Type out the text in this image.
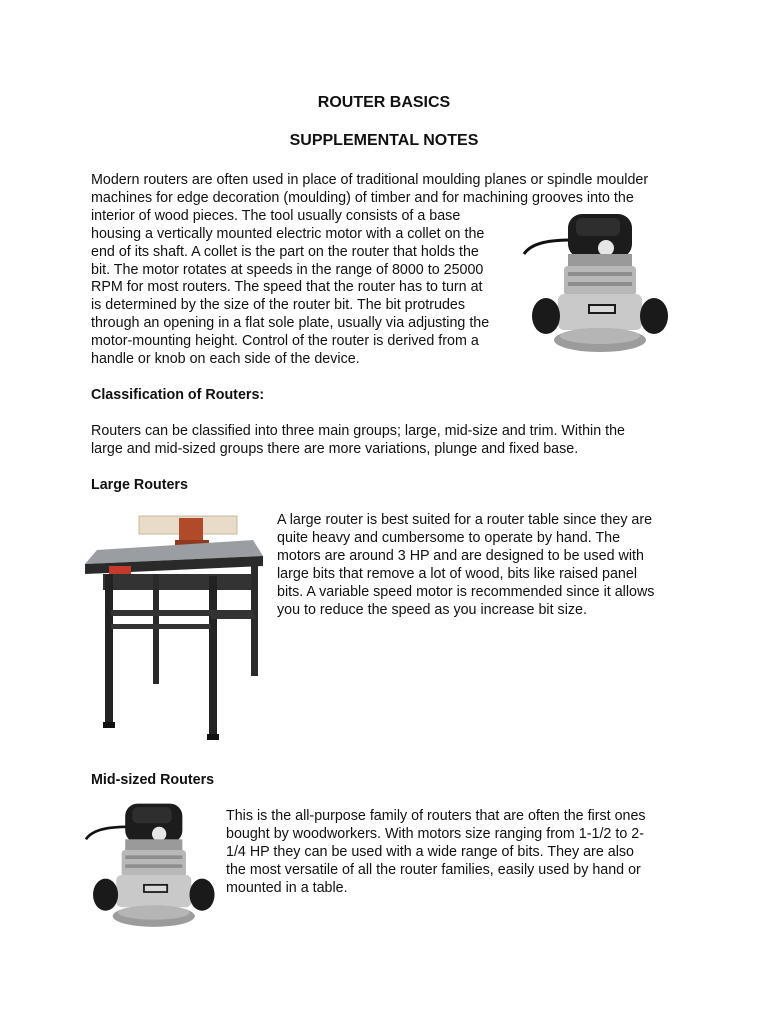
ROUTER BASICS
SUPPLEMENTAL NOTES
Modern routers are often used in place of traditional moulding planes or spindle moulder
machines for edge decoration (moulding) of timber and for machining grooves into the
interior of wood pieces. The tool usually consists of a base
housing a vertically mounted electric motor with a collet on the
end of its shaft. A collet is the part on the router that holds the
bit. The motor rotates at speeds in the range of 8000 to 25000
RPM for most routers. The speed that the router has to turn at
is determined by the size of the router bit. The bit protrudes
through an opening in a flat sole plate, usually via adjusting the
motor-mounting height. Control of the router is derived from a
handle or knob on each side of the device.
Classification of Routers:
Routers can be classified into three main groups; large, mid-size and trim. Within the
large and mid-sized groups there are more variations, plunge and fixed base.
Large Routers
A large router is best suited for a router table since they are
quite heavy and cumbersome to operate by hand. The
motors are around 3 HP and are designed to be used with
large bits that remove a lot of wood, bits like raised panel
bits. A variable speed motor is recommended since it allows
you to reduce the speed as you increase bit size.
Mid-sized Routers
This is the all-purpose family of routers that are often the first ones
bought by woodworkers. With motors size ranging from 1-1/2 to 2-
1/4 HP they can be used with a wide range of bits. They are also
the most versatile of all the router families, easily used by hand or
mounted in a table.
